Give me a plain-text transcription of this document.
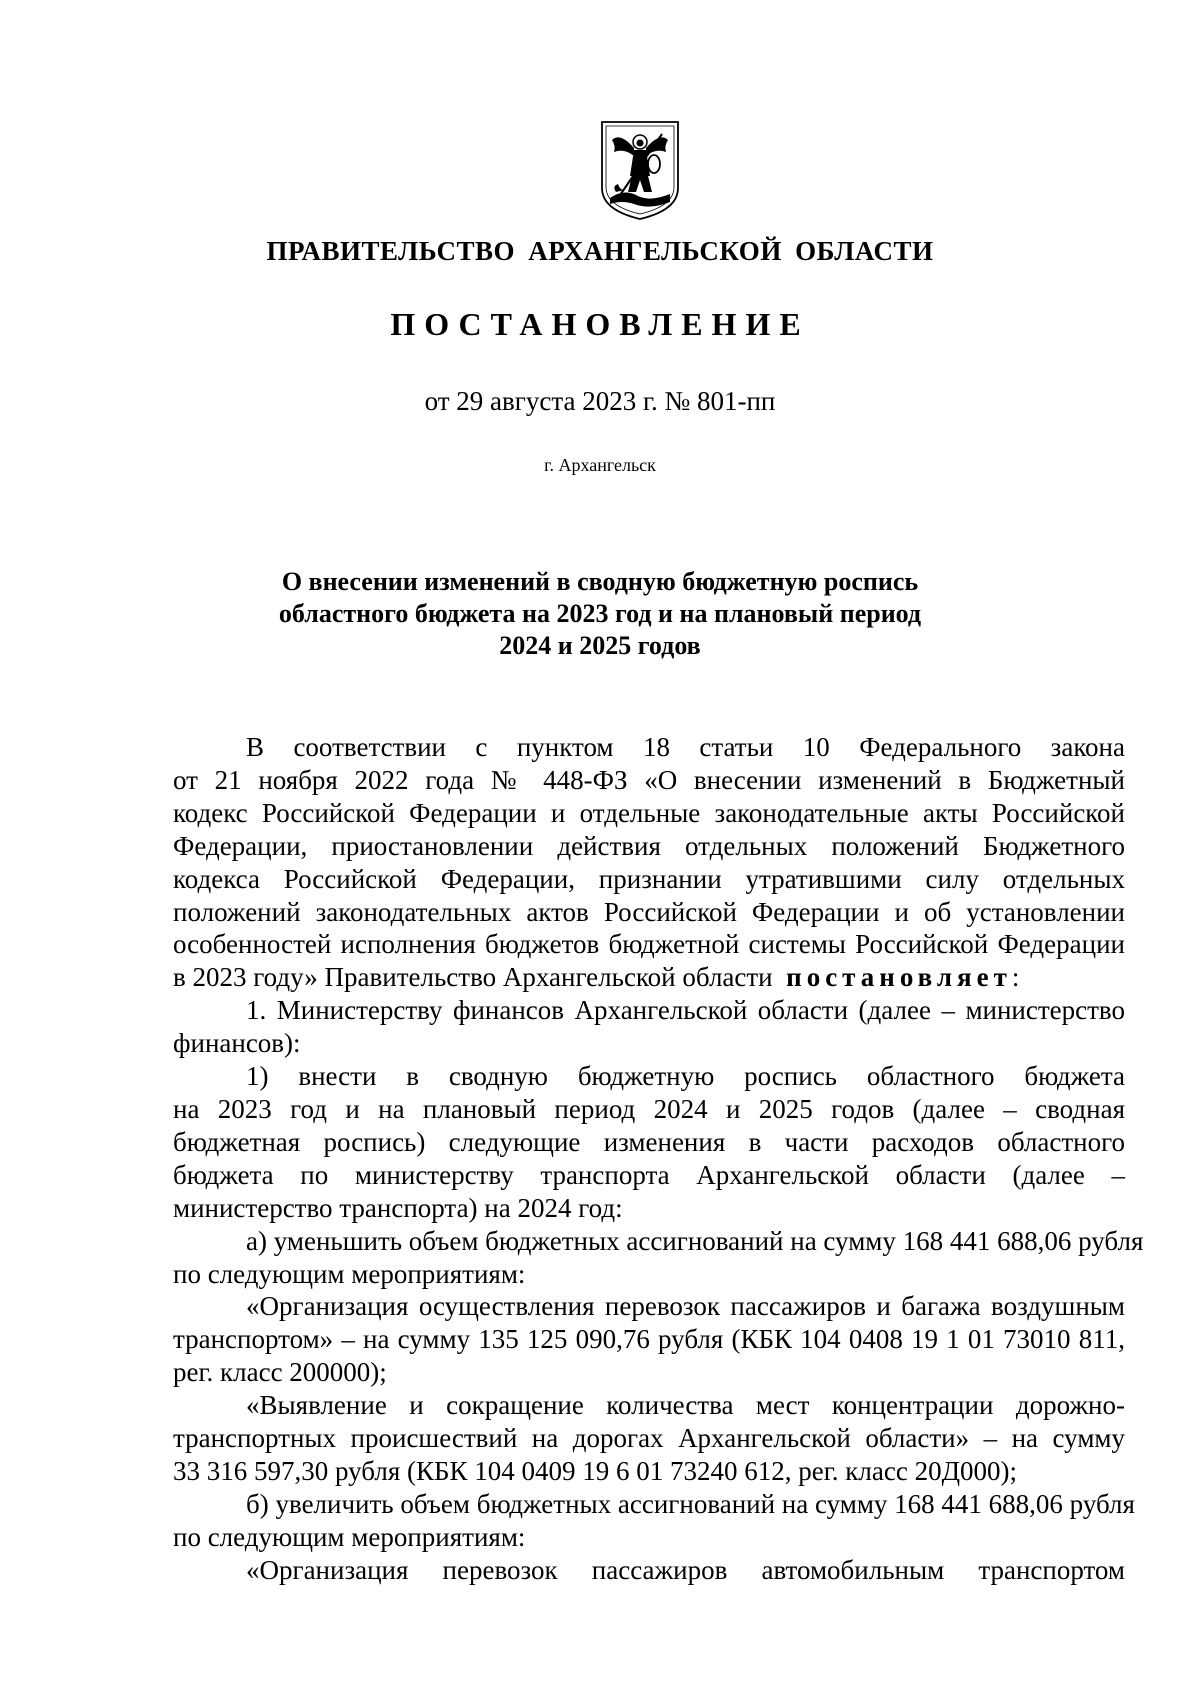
ПРАВИТЕЛЬСТВО АРХАНГЕЛЬСКОЙ ОБЛАСТИ
ПОСТАНОВЛЕНИЕ
от 29 августа 2023 г. № 801-пп
г. Архангельск
О внесении изменений в сводную бюджетную роспись
областного бюджета на 2023 год и на плановый период
2024 и 2025 годов
В соответствии с пунктом 18 статьи 10 Федерального закона
от 21 ноября 2022 года № 448-ФЗ «О внесении изменений в Бюджетный
кодекс Российской Федерации и отдельные законодательные акты Российской
Федерации, приостановлении действия отдельных положений Бюджетного
кодекса Российской Федерации, признании утратившими силу отдельных
положений законодательных актов Российской Федерации и об установлении
особенностей исполнения бюджетов бюджетной системы Российской Федерации
в 2023 году» Правительство Архангельской области постановляет:
1. Министерству финансов Архангельской области (далее – министерство
финансов):
1) внести в сводную бюджетную роспись областного бюджета
на 2023 год и на плановый период 2024 и 2025 годов (далее – сводная
бюджетная роспись) следующие изменения в части расходов областного
бюджета по министерству транспорта Архангельской области (далее –
министерство транспорта) на 2024 год:
а) уменьшить объем бюджетных ассигнований на сумму 168 441 688,06 рубля
по следующим мероприятиям:
«Организация осуществления перевозок пассажиров и багажа воздушным
транспортом» – на сумму 135 125 090,76 рубля (КБК 104 0408 19 1 01 73010 811,
рег. класс 200000);
«Выявление и сокращение количества мест концентрации дорожно-
транспортных происшествий на дорогах Архангельской области» – на сумму
33 316 597,30 рубля (КБК 104 0409 19 6 01 73240 612, рег. класс 20Д000);
б) увеличить объем бюджетных ассигнований на сумму 168 441 688,06 рубля
по следующим мероприятиям:
«Организация перевозок пассажиров автомобильным транспортом
